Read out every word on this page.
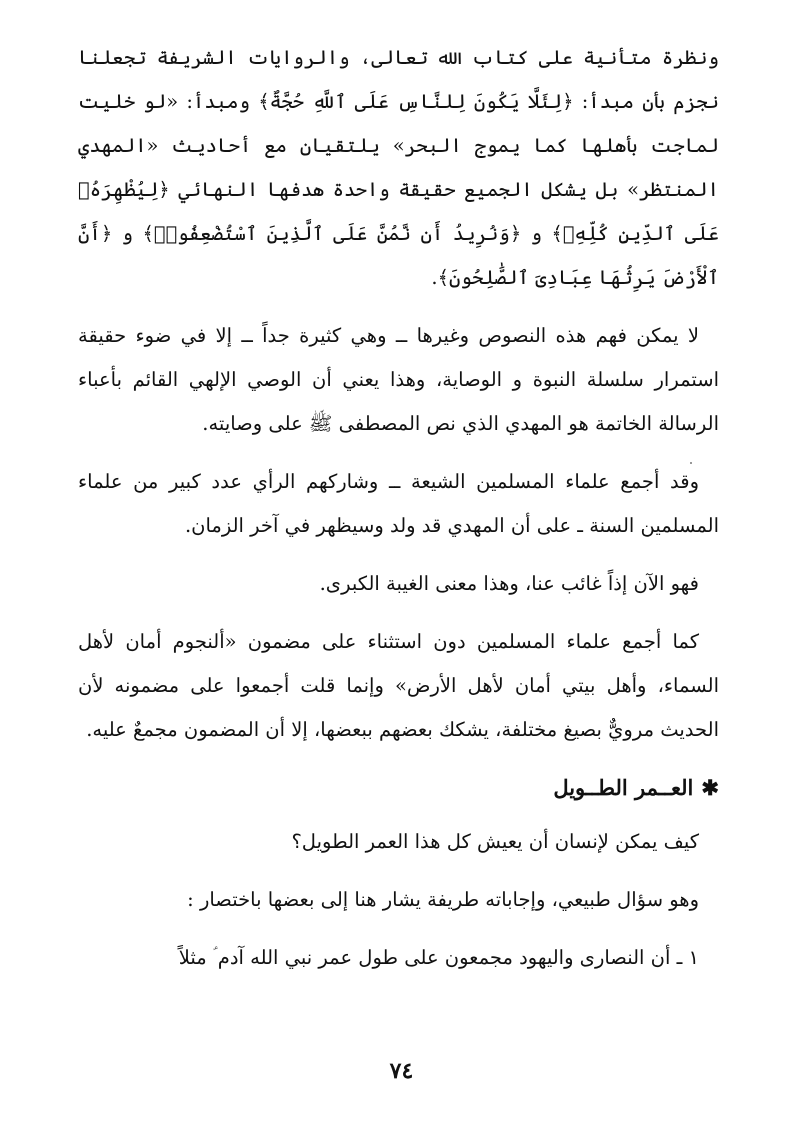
ونظرة متأنية على كتاب الله تعالى، والروايات الشريفة تجعلنا نجزم بأن مبدأ: ﴿لِئَلَّا يَكُونَ لِلنَّاسِ عَلَى ٱللَّهِ حُجَّةٌ﴾ ومبدأ: «لو خليت لماجت بأهلها كما يموج البحر» يلتقيان مع أحاديث «المهدي المنتظر» بل يشكل الجميع حقيقة واحدة هدفها النهائي ﴿لِيُظْهِرَهُۥ عَلَى ٱلدِّينِ كُلِّهِۦ﴾ و ﴿وَنُرِيدُ أَن نَّمُنَّ عَلَى ٱلَّذِينَ ٱسْتُضْعِفُوا۟﴾ و ﴿أَنَّ ٱلْأَرْضَ يَرِثُهَا عِبَادِىَ ٱلصَّٰلِحُونَ﴾.

لا يمكن فهم هذه النصوص وغيرها ــ وهي كثيرة جداً ــ إلا في ضوء حقيقة استمرار سلسلة النبوة و الوصاية، وهذا يعني أن الوصي الإلهي القائم بأعباء الرسالة الخاتمة هو المهدي الذي نص المصطفى ﷺ على وصايته.

وقد أجمع علماء المسلمين الشيعة ــ وشاركهم الرأي عدد كبير من علماء المسلمين السنة ـ على أن المهدي قد ولد وسيظهر في آخر الزمان.

فهو الآن إذاً غائب عنا، وهذا معنى الغيبة الكبرى.

كما أجمع علماء المسلمين دون استثناء على مضمون «ألنجوم أمان لأهل السماء، وأهل بيتي أمان لأهل الأرض» وإنما قلت أجمعوا على مضمونه لأن الحديث مرويٌّ بصيغ مختلفة، يشكك بعضهم ببعضها، إلا أن المضمون مجمعٌ عليه.

✱العــمر الطــويل

كيف يمكن لإنسان أن يعيش كل هذا العمر الطويل؟

وهو سؤال طبيعي، وإجاباته طريفة يشار هنا إلى بعضها باختصار :

١ ـ أن النصارى واليهود مجمعون على طول عمر نبي الله آدم ؑ مثلاً

٧٤
